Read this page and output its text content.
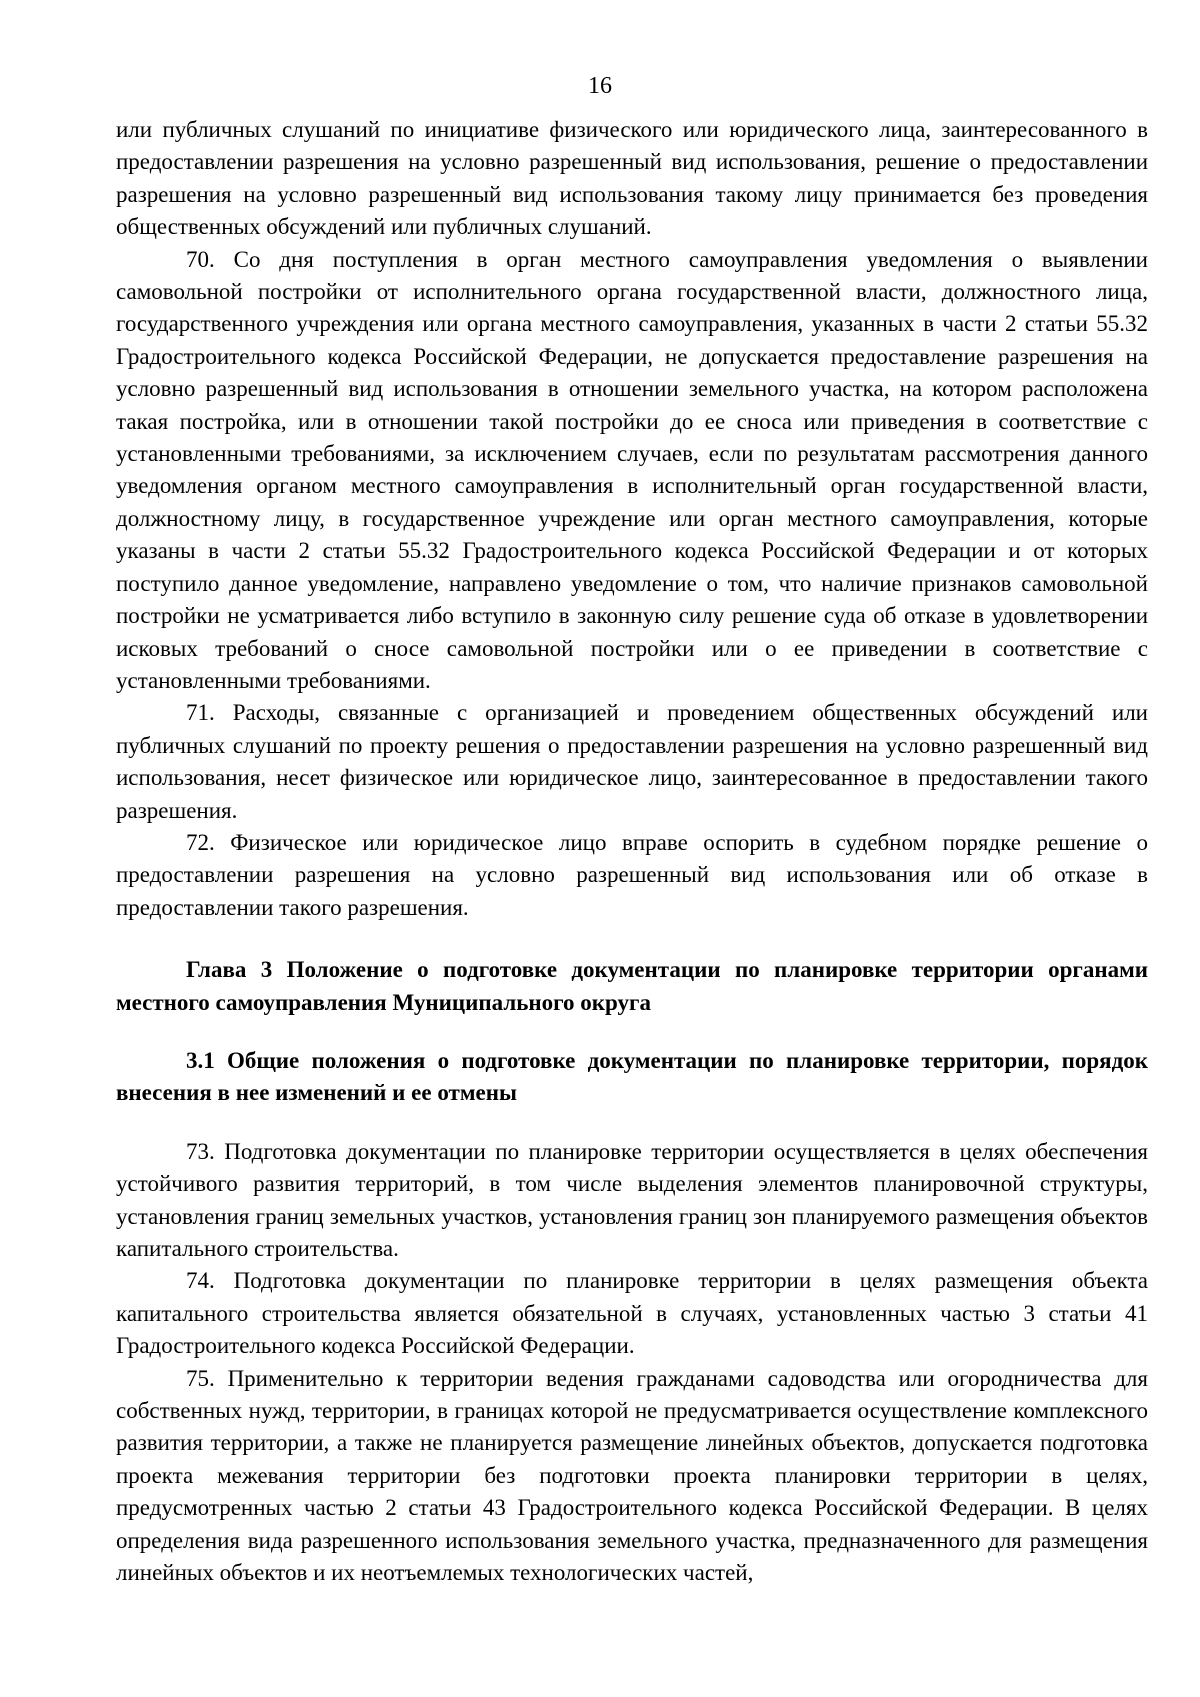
16

или публичных слушаний по инициативе физического или юридического лица, заинтересованного в предоставлении разрешения на условно разрешенный вид использования, решение о предоставлении разрешения на условно разрешенный вид использования такому лицу принимается без проведения общественных обсуждений или публичных слушаний.

70. Со дня поступления в орган местного самоуправления уведомления о выявлении самовольной постройки от исполнительного органа государственной власти, должностного лица, государственного учреждения или органа местного самоуправления, указанных в части 2 статьи 55.32 Градостроительного кодекса Российской Федерации, не допускается предоставление разрешения на условно разрешенный вид использования в отношении земельного участка, на котором расположена такая постройка, или в отношении такой постройки до ее сноса или приведения в соответствие с установленными требованиями, за исключением случаев, если по результатам рассмотрения данного уведомления органом местного самоуправления в исполнительный орган государственной власти, должностному лицу, в государственное учреждение или орган местного самоуправления, которые указаны в части 2 статьи 55.32 Градостроительного кодекса Российской Федерации и от которых поступило данное уведомление, направлено уведомление о том, что наличие признаков самовольной постройки не усматривается либо вступило в законную силу решение суда об отказе в удовлетворении исковых требований о сносе самовольной постройки или о ее приведении в соответствие с установленными требованиями.

71. Расходы, связанные с организацией и проведением общественных обсуждений или публичных слушаний по проекту решения о предоставлении разрешения на условно разрешенный вид использования, несет физическое или юридическое лицо, заинтересованное в предоставлении такого разрешения.

72. Физическое или юридическое лицо вправе оспорить в судебном порядке решение о предоставлении разрешения на условно разрешенный вид использования или об отказе в предоставлении такого разрешения.

Глава 3 Положение о подготовке документации по планировке территории органами местного самоуправления Муниципального округа

3.1 Общие положения о подготовке документации по планировке территории, порядок внесения в нее изменений и ее отмены

73. Подготовка документации по планировке территории осуществляется в целях обеспечения устойчивого развития территорий, в том числе выделения элементов планировочной структуры, установления границ земельных участков, установления границ зон планируемого размещения объектов капитального строительства.

74. Подготовка документации по планировке территории в целях размещения объекта капитального строительства является обязательной в случаях, установленных частью 3 статьи 41 Градостроительного кодекса Российской Федерации.

75. Применительно к территории ведения гражданами садоводства или огородничества для собственных нужд, территории, в границах которой не предусматривается осуществление комплексного развития территории, а также не планируется размещение линейных объектов, допускается подготовка проекта межевания территории без подготовки проекта планировки территории в целях, предусмотренных частью 2 статьи 43 Градостроительного кодекса Российской Федерации. В целях определения вида разрешенного использования земельного участка, предназначенного для размещения линейных объектов и их неотъемлемых технологических частей,
